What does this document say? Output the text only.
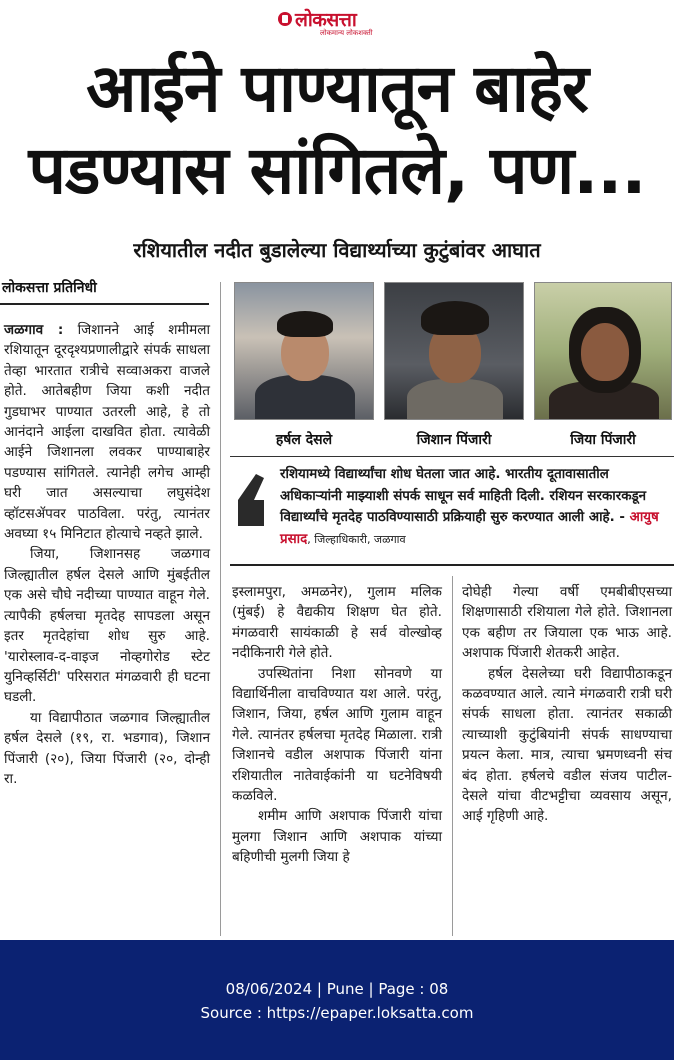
लोकसत्ता
लोकमान्य लोकशक्ती
आईने पाण्यातून बाहेर
पडण्यास सांगितले, पण...
रशियातील नदीत बुडालेल्या विद्यार्थ्याच्या कुटुंबांवर आघात
लोकसत्ता प्रतिनिधी

जळगाव : जिशानने आई शमीमला रशियातून दूरदृश्यप्रणालीद्वारे संपर्क साधला तेव्हा भारतात रात्रीचे सव्वाअकरा वाजले होते. आतेबहीण जिया कशी नदीत गुडघाभर पाण्यात उतरली आहे, हे तो आनंदाने आईला दाखवित होता. त्यावेळी आईने जिशानला लवकर पाण्याबाहेर पडण्यास सांगितले. त्यानेही लगेच आम्ही घरी जात असल्याचा लघुसंदेश व्हॉटसॲपवर पाठविला. परंतु, त्यानंतर अवघ्या १५ मिनिटात होत्याचे नव्हते झाले.

जिया, जिशानसह जळगाव जिल्ह्यातील हर्षल देसले आणि मुंबईतील एक असे चौघे नदीच्या पाण्यात वाहून गेले. त्यापैकी हर्षलचा मृतदेह सापडला असून इतर मृतदेहांचा शोध सुरु आहे. 'यारोस्लाव-द-वाइज नोव्हगोरोड स्टेट युनिव्हर्सिटी' परिसरात मंगळवारी ही घटना घडली.

या विद्यापीठात जळगाव जिल्ह्यातील हर्षल देसले (१९, रा. भडगाव), जिशान पिंजारी (२०), जिया पिंजारी (२०, दोन्ही रा.

हर्षल देसले	जिशान पिंजारी	जिया पिंजारी
रशियामध्ये विद्यार्थ्यांचा शोध घेतला जात आहे. भारतीय दूतावासातील अधिकाऱ्यांनी माझ्याशी संपर्क साधून सर्व माहिती दिली. रशियन सरकारकडून विद्यार्थ्यांचे मृतदेह पाठविण्यासाठी प्रक्रियाही सुरु करण्यात आली आहे. - आयुष प्रसाद, जिल्हाधिकारी, जळगाव

इस्लामपुरा, अमळनेर), गुलाम मलिक (मुंबई) हे वैद्यकीय शिक्षण घेत होते. मंगळवारी सायंकाळी हे सर्व वोल्खोव्ह नदीकिनारी गेले होते.

उपस्थितांना निशा सोनवणे या विद्यार्थिनीला वाचविण्यात यश आले. परंतु, जिशान, जिया, हर्षल आणि गुलाम वाहून गेले. त्यानंतर हर्षलचा मृतदेह मिळाला. रात्री जिशानचे वडील अशपाक पिंजारी यांना रशियातील नातेवाईकांनी या घटनेविषयी कळविले.

शमीम आणि अशपाक पिंजारी यांचा मुलगा जिशान आणि अशपाक यांच्या बहिणीची मुलगी जिया हे

दोघेही गेल्या वर्षी एमबीबीएसच्या शिक्षणासाठी रशियाला गेले होते. जिशानला एक बहीण तर जियाला एक भाऊ आहे. अशपाक पिंजारी शेतकरी आहेत.

हर्षल देसलेच्या घरी विद्यापीठाकडून कळवण्यात आले. त्याने मंगळवारी रात्री घरी संपर्क साधला होता. त्यानंतर सकाळी त्याच्याशी कुटुंबियांनी संपर्क साधण्याचा प्रयत्न केला. मात्र, त्याचा भ्रमणध्वनी संच बंद होता. हर्षलचे वडील संजय पाटील-देसले यांचा वीटभट्टीचा व्यवसाय असून, आई गृहिणी आहे.

08/06/2024 | Pune | Page : 08
Source : https://epaper.loksatta.com
